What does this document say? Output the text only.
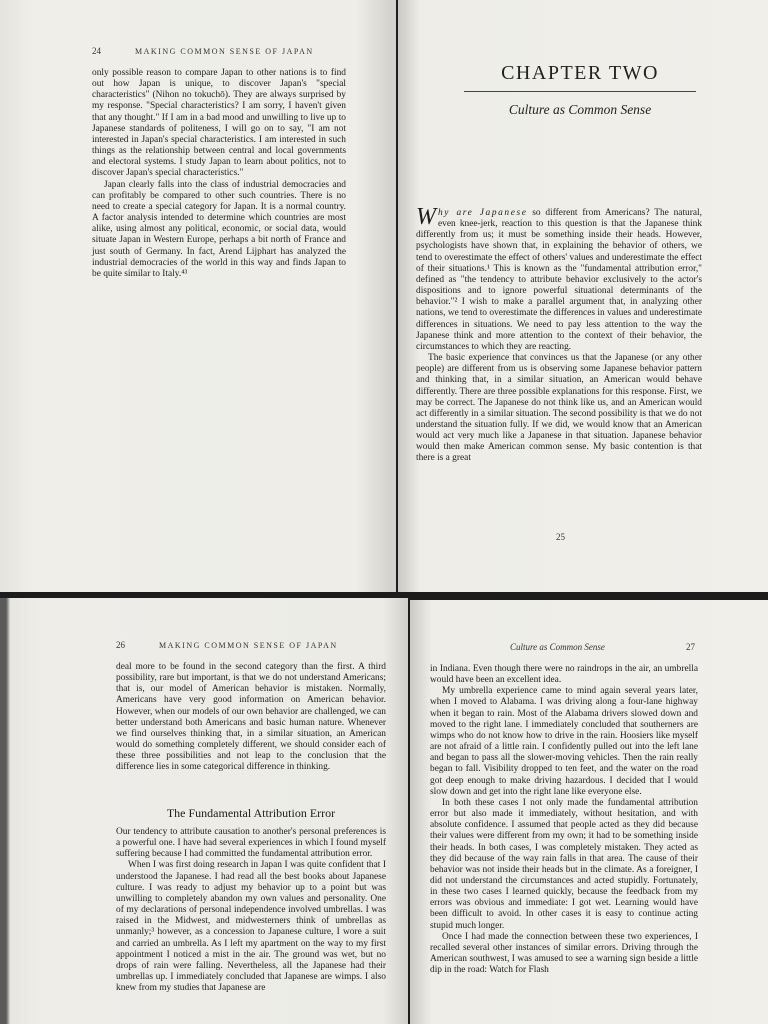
24	MAKING COMMON SENSE OF JAPAN

only possible reason to compare Japan to other nations is to find out how Japan is unique, to discover Japan's "special characteristics" (Nihon no tokuchō). They are always surprised by my response. "Special characteristics? I am sorry, I haven't given that any thought." If I am in a bad mood and unwilling to live up to Japanese standards of politeness, I will go on to say, "I am not interested in Japan's special characteristics. I am interested in such things as the relationship between central and local governments and electoral systems. I study Japan to learn about politics, not to discover Japan's special characteristics."

Japan clearly falls into the class of industrial democracies and can profitably be compared to other such countries. There is no need to create a special category for Japan. It is a normal country. A factor analysis intended to determine which countries are most alike, using almost any political, economic, or social data, would situate Japan in Western Europe, perhaps a bit north of France and just south of Germany. In fact, Arend Lijphart has analyzed the industrial democracies of the world in this way and finds Japan to be quite similar to Italy.⁴³

CHAPTER TWO
Culture as Common Sense

Why are Japanese so different from Americans? The natural, even knee-jerk, reaction to this question is that the Japanese think differently from us; it must be something inside their heads. However, psychologists have shown that, in explaining the behavior of others, we tend to overestimate the effect of others' values and underestimate the effect of their situations.¹ This is known as the "fundamental attribution error," defined as "the tendency to attribute behavior exclusively to the actor's dispositions and to ignore powerful situational determinants of the behavior."² I wish to make a parallel argument that, in analyzing other nations, we tend to overestimate the differences in values and underestimate differences in situations. We need to pay less attention to the way the Japanese think and more attention to the context of their behavior, the circumstances to which they are reacting.

The basic experience that convinces us that the Japanese (or any other people) are different from us is observing some Japanese behavior pattern and thinking that, in a similar situation, an American would behave differently. There are three possible explanations for this response. First, we may be correct. The Japanese do not think like us, and an American would act differently in a similar situation. The second possibility is that we do not understand the situation fully. If we did, we would know that an American would act very much like a Japanese in that situation. Japanese behavior would then make American common sense. My basic contention is that there is a great

25
26	MAKING COMMON SENSE OF JAPAN

deal more to be found in the second category than the first. A third possibility, rare but important, is that we do not understand Americans; that is, our model of American behavior is mistaken. Normally, Americans have very good information on American behavior. However, when our models of our own behavior are challenged, we can better understand both Americans and basic human nature. Whenever we find ourselves thinking that, in a similar situation, an American would do something completely different, we should consider each of these three possibilities and not leap to the conclusion that the difference lies in some categorical difference in thinking.

The Fundamental Attribution Error

Our tendency to attribute causation to another's personal preferences is a powerful one. I have had several experiences in which I found myself suffering because I had committed the fundamental attribution error.

When I was first doing research in Japan I was quite confident that I understood the Japanese. I had read all the best books about Japanese culture. I was ready to adjust my behavior up to a point but was unwilling to completely abandon my own values and personality. One of my declarations of personal independence involved umbrellas. I was raised in the Midwest, and midwesterners think of umbrellas as unmanly;³ however, as a concession to Japanese culture, I wore a suit and carried an umbrella. As I left my apartment on the way to my first appointment I noticed a mist in the air. The ground was wet, but no drops of rain were falling. Nevertheless, all the Japanese had their umbrellas up. I immediately concluded that Japanese are wimps. I also knew from my studies that Japanese are

Culture as Common Sense	27

in Indiana. Even though there were no raindrops in the air, an umbrella would have been an excellent idea.

My umbrella experience came to mind again several years later, when I moved to Alabama. I was driving along a four-lane highway when it began to rain. Most of the Alabama drivers slowed down and moved to the right lane. I immediately concluded that southerners are wimps who do not know how to drive in the rain. Hoosiers like myself are not afraid of a little rain. I confidently pulled out into the left lane and began to pass all the slower-moving vehicles. Then the rain really began to fall. Visibility dropped to ten feet, and the water on the road got deep enough to make driving hazardous. I decided that I would slow down and get into the right lane like everyone else.

In both these cases I not only made the fundamental attribution error but also made it immediately, without hesitation, and with absolute confidence. I assumed that people acted as they did because their values were different from my own; it had to be something inside their heads. In both cases, I was completely mistaken. They acted as they did because of the way rain falls in that area. The cause of their behavior was not inside their heads but in the climate. As a foreigner, I did not understand the circumstances and acted stupidly. Fortunately, in these two cases I learned quickly, because the feedback from my errors was obvious and immediate: I got wet. Learning would have been difficult to avoid. In other cases it is easy to continue acting stupid much longer.

Once I had made the connection between these two experiences, I recalled several other instances of similar errors. Driving through the American southwest, I was amused to see a warning sign beside a little dip in the road: Watch for Flash
